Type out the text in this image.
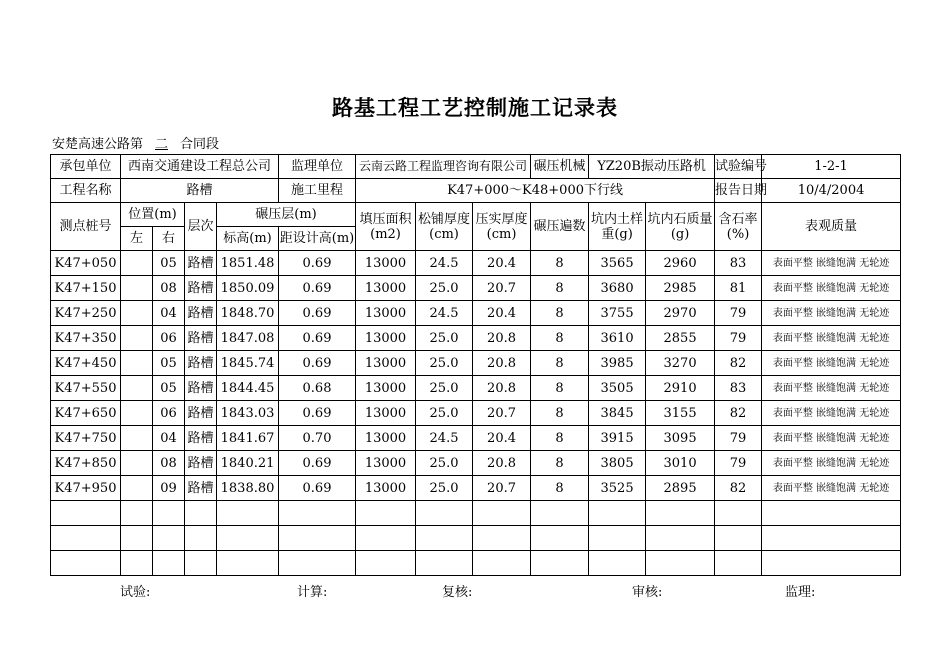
路基工程工艺控制施工记录表
安楚高速公路第 二 合同段
承包单位	西南交通建设工程总公司				监理单位	云南云路工程监理咨询有限公司			碾压机械	YZ20B振动压路机		试验编号	1-2-1
工程名称	路槽				施工里程	K47+000～K48+000下行线						报告日期	10/4/2004
测点桩号	位置(m)		层次	碾压层(m)		填压面积(m2)	松铺厚度(cm)	压实厚度(cm)	碾压遍数	坑内土样重(g)	坑内石质量(g)	含石率(%)	表观质量
	左	右		标高(m)	距设计高(m)								
K47+050		05	路槽	1851.48	0.69	13000	24.5	20.4	8	3565	2960	83	表面平整 嵌缝饱满 无轮迹
K47+150		08	路槽	1850.09	0.69	13000	25.0	20.7	8	3680	2985	81	表面平整 嵌缝饱满 无轮迹
K47+250		04	路槽	1848.70	0.69	13000	24.5	20.4	8	3755	2970	79	表面平整 嵌缝饱满 无轮迹
K47+350		06	路槽	1847.08	0.69	13000	25.0	20.8	8	3610	2855	79	表面平整 嵌缝饱满 无轮迹
K47+450		05	路槽	1845.74	0.69	13000	25.0	20.8	8	3985	3270	82	表面平整 嵌缝饱满 无轮迹
K47+550		05	路槽	1844.45	0.68	13000	25.0	20.8	8	3505	2910	83	表面平整 嵌缝饱满 无轮迹
K47+650		06	路槽	1843.03	0.69	13000	25.0	20.7	8	3845	3155	82	表面平整 嵌缝饱满 无轮迹
K47+750		04	路槽	1841.67	0.70	13000	24.5	20.4	8	3915	3095	79	表面平整 嵌缝饱满 无轮迹
K47+850		08	路槽	1840.21	0.69	13000	25.0	20.8	8	3805	3010	79	表面平整 嵌缝饱满 无轮迹
K47+950		09	路槽	1838.80	0.69	13000	25.0	20.7	8	3525	2895	82	表面平整 嵌缝饱满 无轮迹

试验:	计算:	复核:	审核:	监理:
